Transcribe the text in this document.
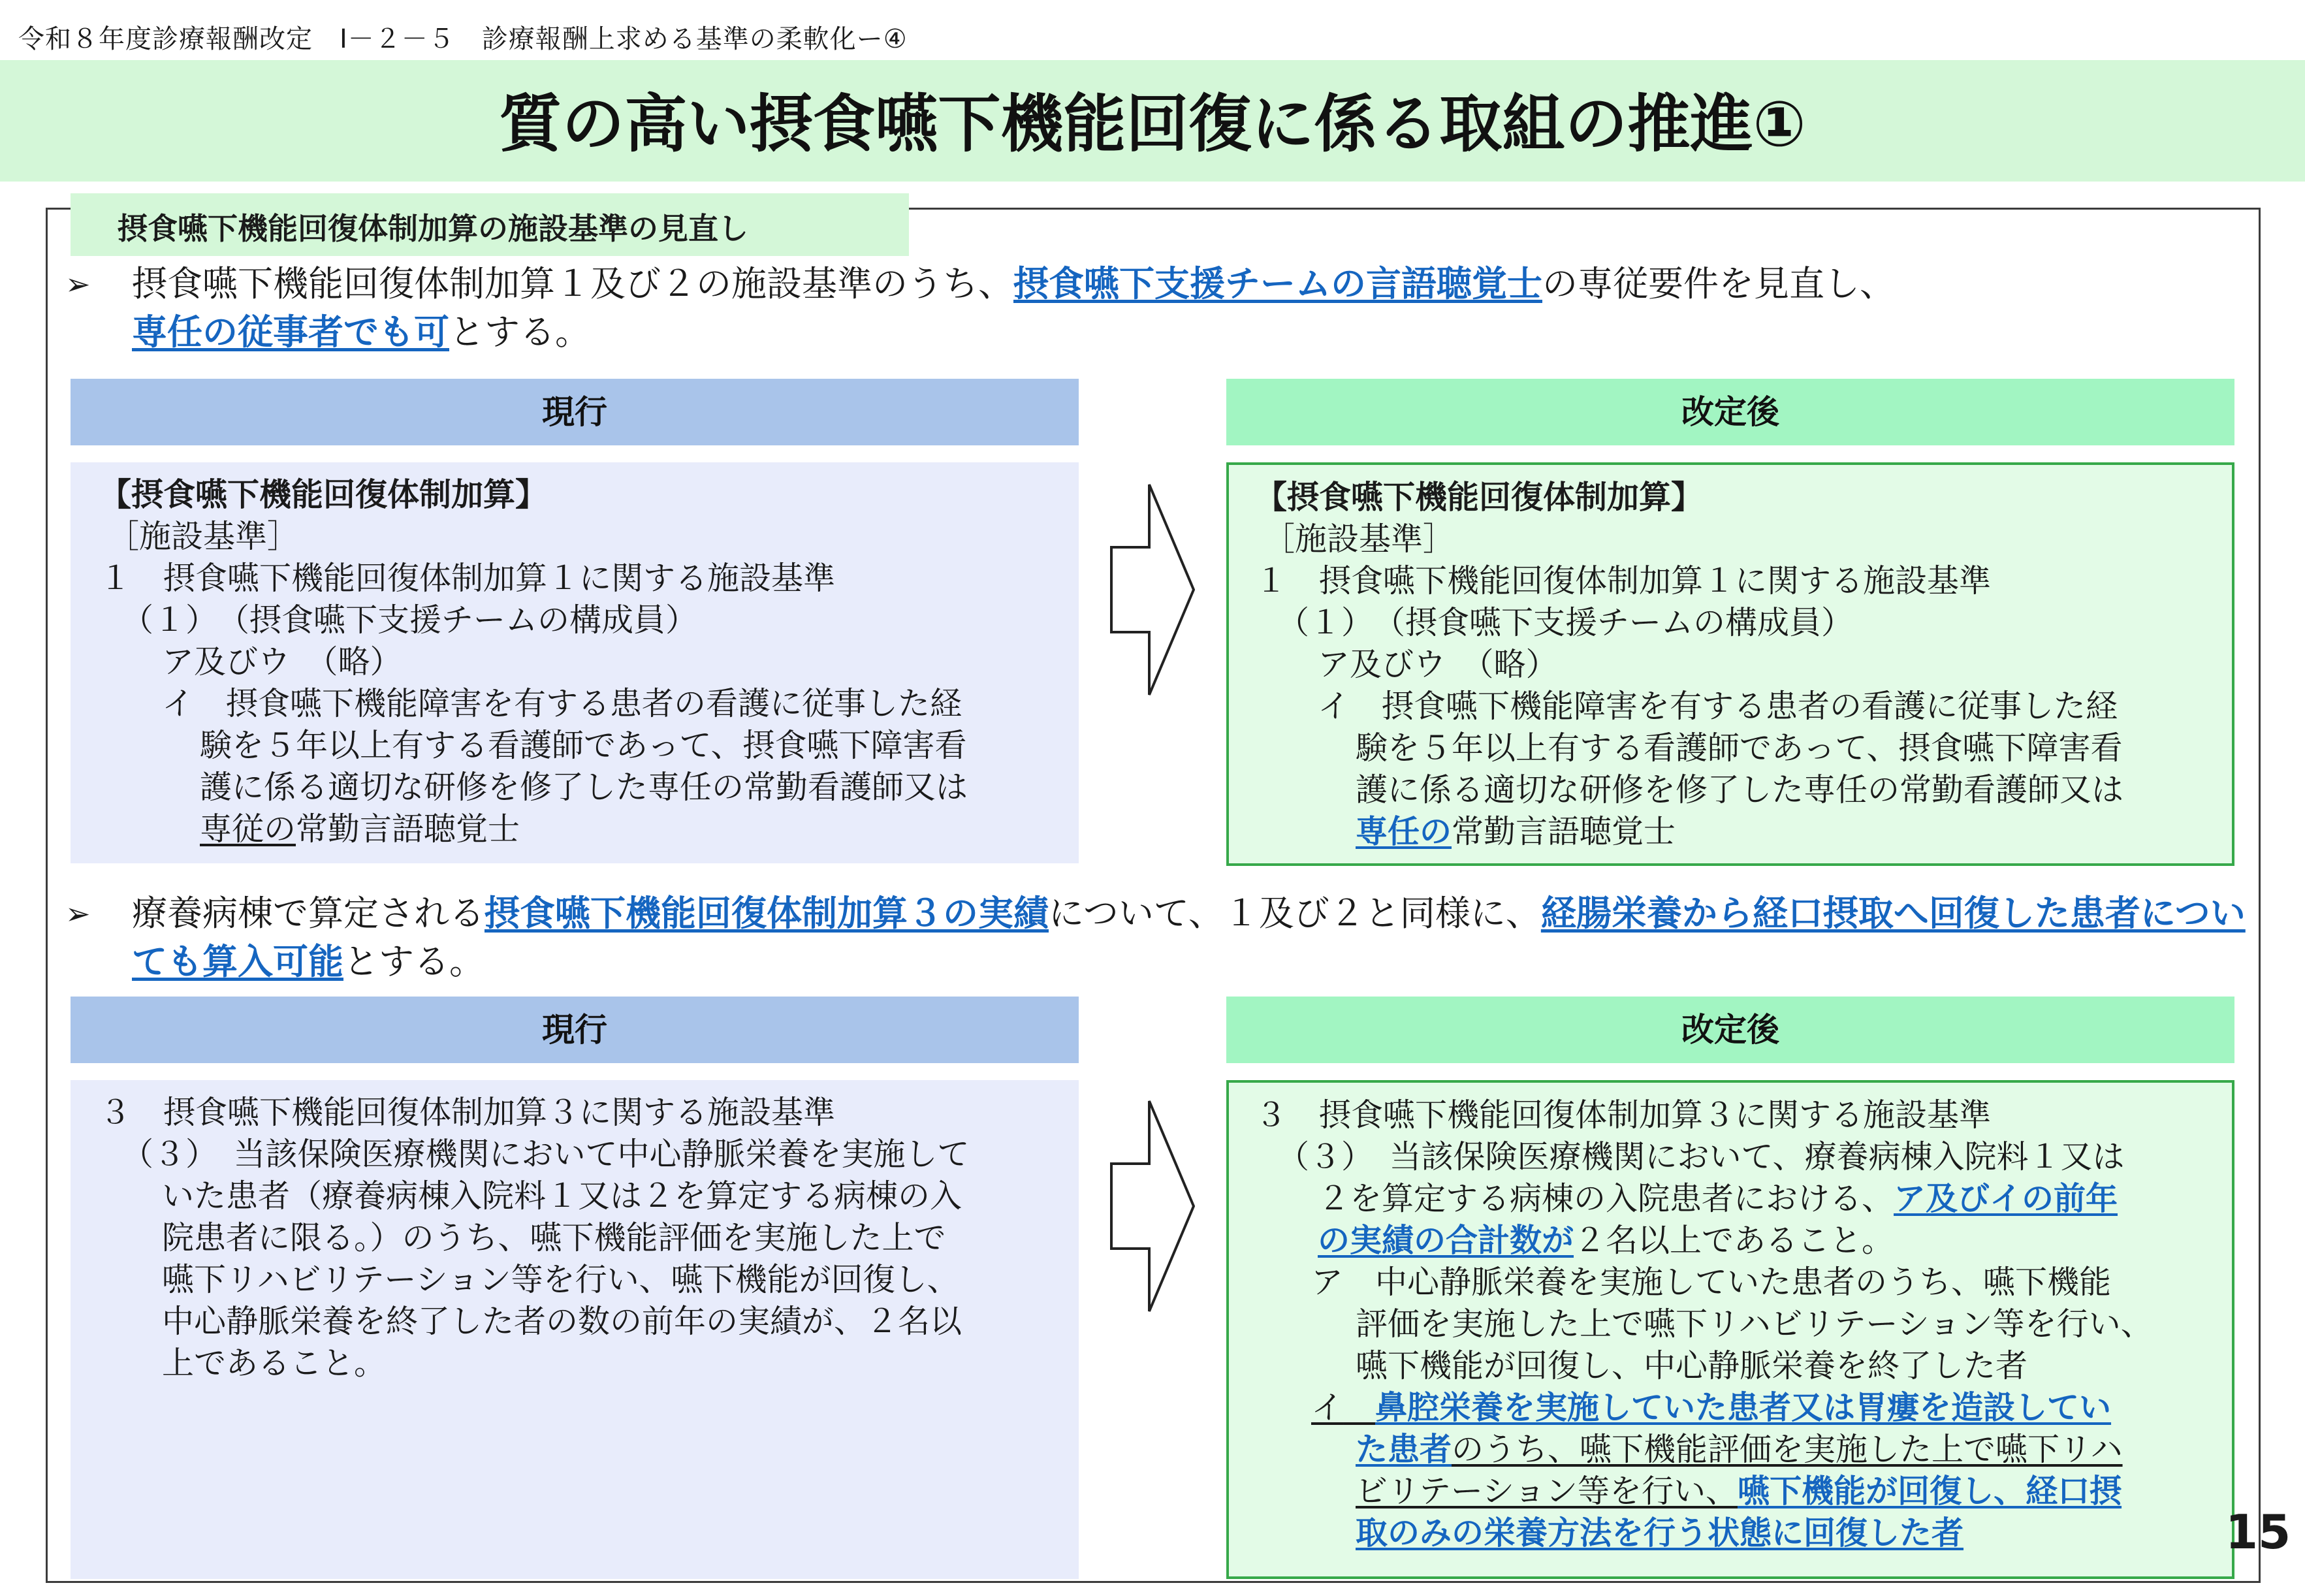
令和８年度診療報酬改定　Ⅰ－２－５　診療報酬上求める基準の柔軟化ー④
質の高い摂食嚥下機能回復に係る取組の推進①
摂食嚥下機能回復体制加算の施設基準の見直し
➢ 摂食嚥下機能回復体制加算１及び２の施設基準のうち、摂食嚥下支援チームの言語聴覚士の専従要件を見直し、
専任の従事者でも可とする。
現行	改定後
【摂食嚥下機能回復体制加算】
［施設基準］
１　摂食嚥下機能回復体制加算１に関する施設基準
（１）　（摂食嚥下支援チームの構成員）
ア及びウ　（略）
イ　摂食嚥下機能障害を有する患者の看護に従事した経
験を５年以上有する看護師であって、摂食嚥下障害看
護に係る適切な研修を修了した専任の常勤看護師又は
専従の常勤言語聴覚士
【摂食嚥下機能回復体制加算】
［施設基準］
１　摂食嚥下機能回復体制加算１に関する施設基準
（１）　（摂食嚥下支援チームの構成員）
ア及びウ　（略）
イ　摂食嚥下機能障害を有する患者の看護に従事した経
験を５年以上有する看護師であって、摂食嚥下障害看
護に係る適切な研修を修了した専任の常勤看護師又は
専任の常勤言語聴覚士
➢ 療養病棟で算定される摂食嚥下機能回復体制加算３の実績について、１及び２と同様に、経腸栄養から経口摂取へ回復した患者についても算入可能とする。
現行	改定後
３　摂食嚥下機能回復体制加算３に関する施設基準
（３）　当該保険医療機関において中心静脈栄養を実施して
いた患者（療養病棟入院料１又は２を算定する病棟の入
院患者に限る。）のうち、嚥下機能評価を実施した上で
嚥下リハビリテーション等を行い、嚥下機能が回復し、
中心静脈栄養を終了した者の数の前年の実績が、２名以
上であること。
３　摂食嚥下機能回復体制加算３に関する施設基準
（３）　当該保険医療機関において、療養病棟入院料１又は
２を算定する病棟の入院患者における、ア及びイの前年
の実績の合計数が２名以上であること。
ア　中心静脈栄養を実施していた患者のうち、嚥下機能
評価を実施した上で嚥下リハビリテーション等を行い、
嚥下機能が回復し、中心静脈栄養を終了した者
イ　 鼻腔栄養を実施していた患者又は胃瘻を造設してい
た患者のうち、嚥下機能評価を実施した上で嚥下リハ
ビリテーション等を行い、嚥下機能が回復し、経口摂
取のみの栄養方法を行う状態に回復した者	15
